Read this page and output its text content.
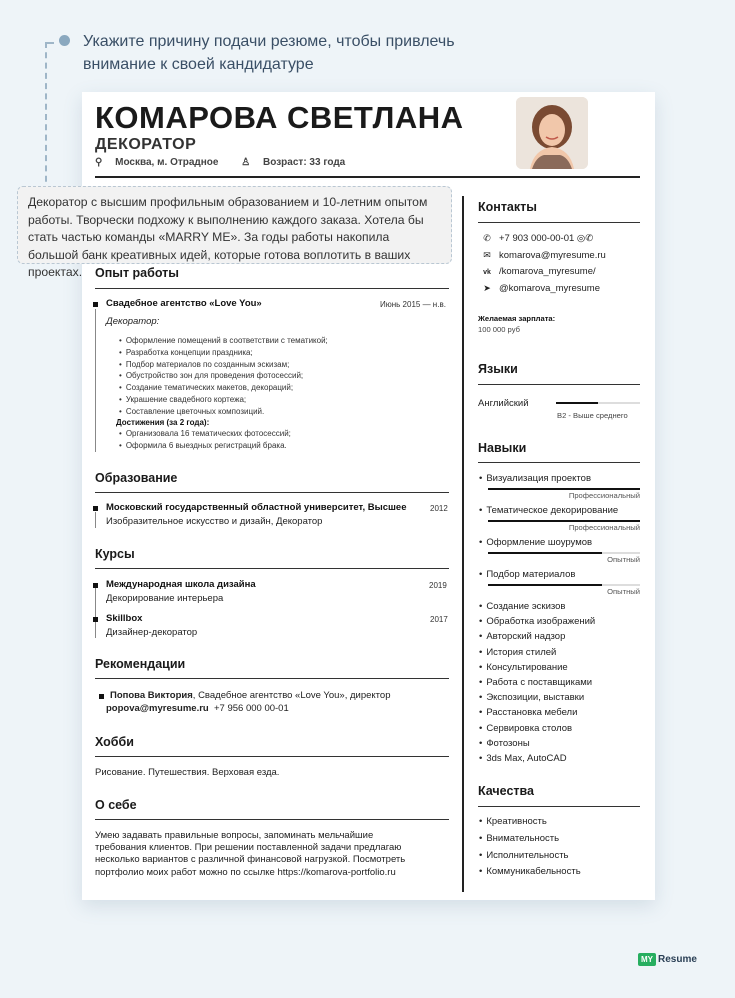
Укажите причину подачи резюме, чтобы привлечь внимание к своей кандидатуре
КОМАРОВА СВЕТЛАНА
ДЕКОРАТОР
⚲ Москва, м. Отрадное ♙ Возраст: 33 года
Декоратор с высшим профильным образованием и 10-летним опытом работы. Творчески подхожу к выполнению каждого заказа. Хотела бы стать частью команды «MARRY ME». За годы работы накопила большой банк креативных идей, которые готова воплотить в ваших проектах.	Опыт работы
Свадебное агентство «Love You»	Июнь 2015 — н.в.
Декоратор:
• Оформление помещений в соответствии с тематикой;
• Разработка концепции праздника;
• Подбор материалов по созданным эскизам;
• Обустройство зон для проведения фотосессий;
• Создание тематических макетов, декораций;
• Украшение свадебного кортежа;
• Составление цветочных композиций.
Достижения (за 2 года):
• Организовала 16 тематических фотосессий;
• Оформила 6 выездных регистраций брака.
Образование
Московский государственный областной университет, Высшее	2012
Изобразительное искусство и дизайн, Декоратор
Курсы
Международная школа дизайна	2019
Декорирование интерьера
Skillbox	2017
Дизайнер-декоратор
Рекомендации
Попова Виктория, Свадебное агентство «Love You», директор
popova@myresume.ru +7 956 000 00-01
Хобби
Рисование. Путешествия. Верховая езда.
О себе
Умею задавать правильные вопросы, запоминать мельчайшие
требования клиентов. При решении поставленной задачи предлагаю
несколько вариантов с различной финансовой нагрузкой. Посмотреть
портфолио моих работ можно по ссылке https://komarova-portfolio.ru
Контакты
✆ +7 903 000-00-01 ◎✆
✉ komarova@myresume.ru
vk /komarova_myresume/
➤ @komarova_myresume
Желаемая зарплата:
100 000 руб
Языки
Английский
B2 - Выше среднего
Навыки
• Визуализация проектов
Профессиональный
• Тематическое декорирование
Профессиональный
• Оформление шоурумов
Опытный
• Подбор материалов
Опытный
• Создание эскизов
• Обработка изображений
• Авторский надзор
• История стилей
• Консультирование
• Работа с поставщиками
• Экспозиции, выставки
• Расстановка мебели
• Сервировка столов
• Фотозоны
• 3ds Max, AutoCAD
Качества
• Креативность
• Внимательность
• Исполнительность
• Коммуникабельность
MY Resume
